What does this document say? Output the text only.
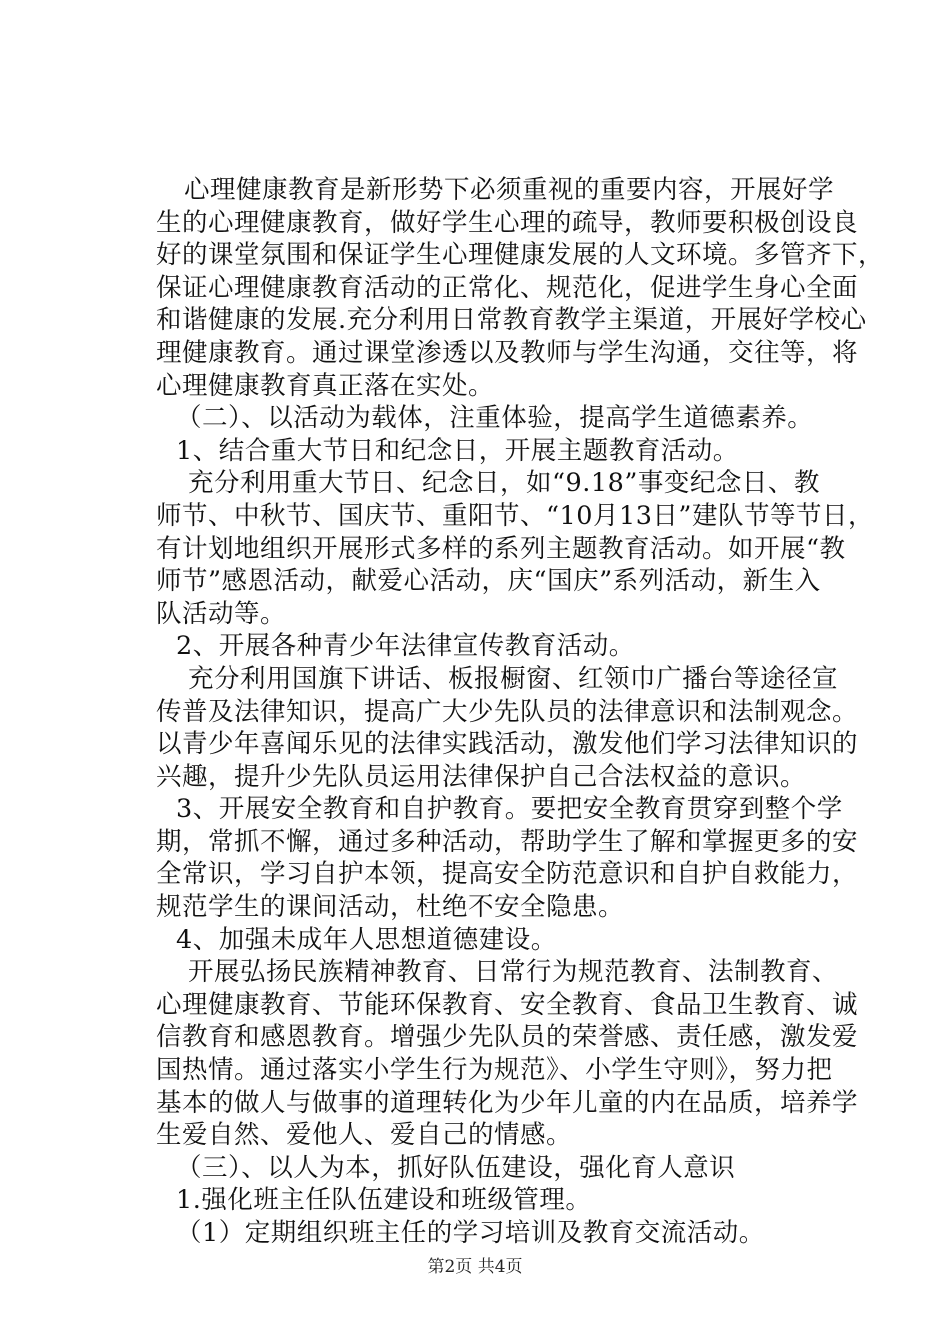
心理健康教育是新形势下必须重视的重要内容，开展好学
生的心理健康教育，做好学生心理的疏导，教师要积极创设良
好的课堂氛围和保证学生心理健康发展的人文环境。多管齐下，
保证心理健康教育活动的正常化、规范化，促进学生身心全面
和谐健康的发展.充分利用日常教育教学主渠道，开展好学校心
理健康教育。通过课堂渗透以及教师与学生沟通，交往等，将
心理健康教育真正落在实处。
（二）、以活动为载体，注重体验，提高学生道德素养。
1、结合重大节日和纪念日，开展主题教育活动。
充分利用重大节日、纪念日，如“9.18”事变纪念日、教
师节、中秋节、国庆节、重阳节、“10月13日”建队节等节日，
有计划地组织开展形式多样的系列主题教育活动。如开展“教
师节”感恩活动，献爱心活动，庆“国庆”系列活动，新生入
队活动等。
2、开展各种青少年法律宣传教育活动。
充分利用国旗下讲话、板报橱窗、红领巾广播台等途径宣
传普及法律知识，提高广大少先队员的法律意识和法制观念。
以青少年喜闻乐见的法律实践活动，激发他们学习法律知识的
兴趣，提升少先队员运用法律保护自己合法权益的意识。
3、开展安全教育和自护教育。要把安全教育贯穿到整个学
期，常抓不懈，通过多种活动，帮助学生了解和掌握更多的安
全常识，学习自护本领，提高安全防范意识和自护自救能力，
规范学生的课间活动，杜绝不安全隐患。
4、加强未成年人思想道德建设。
开展弘扬民族精神教育、日常行为规范教育、法制教育、
心理健康教育、节能环保教育、安全教育、食品卫生教育、诚
信教育和感恩教育。增强少先队员的荣誉感、责任感，激发爱
国热情。通过落实小学生行为规范》、小学生守则》，努力把
基本的做人与做事的道理转化为少年儿童的内在品质，培养学
生爱自然、爱他人、爱自己的情感。
（三）、以人为本，抓好队伍建设，强化育人意识
1.强化班主任队伍建设和班级管理。
（1）定期组织班主任的学习培训及教育交流活动。
第2页 共4页
